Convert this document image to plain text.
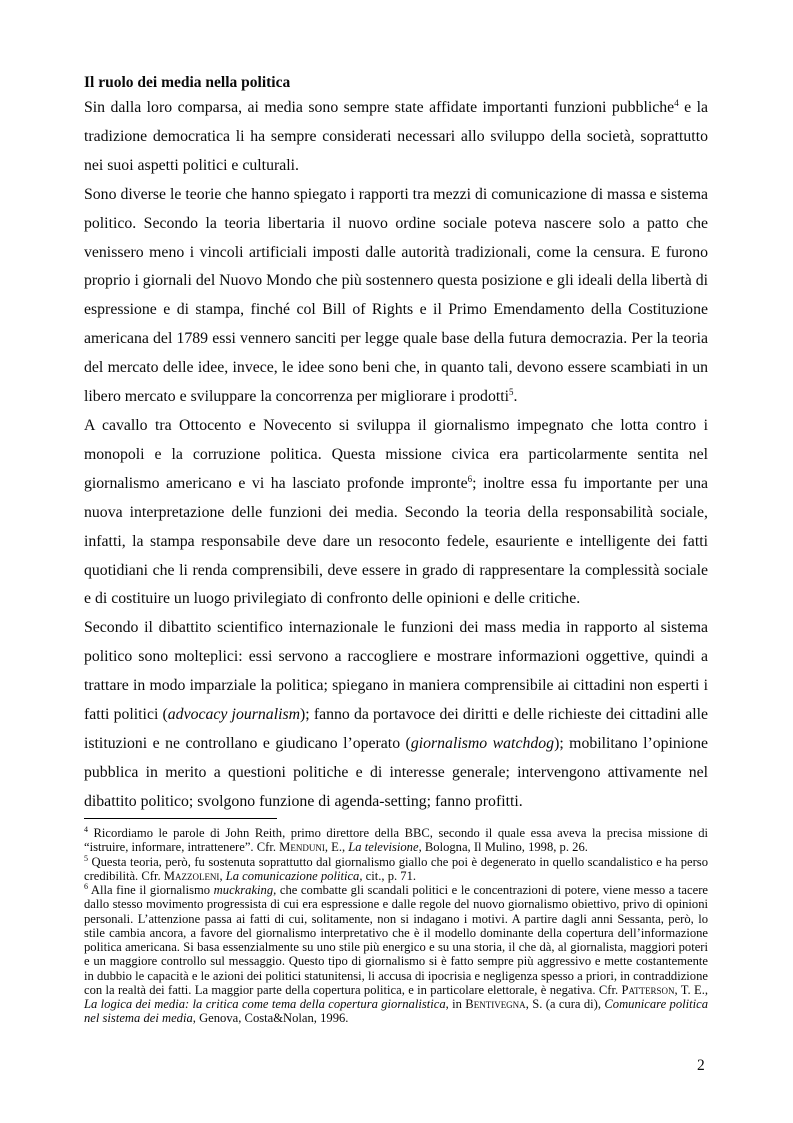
Il ruolo dei media nella politica

Sin dalla loro comparsa, ai media sono sempre state affidate importanti funzioni pubbliche$^4$ e la tradizione democratica li ha sempre considerati necessari allo sviluppo della società, soprattutto nei suoi aspetti politici e culturali.

Sono diverse le teorie che hanno spiegato i rapporti tra mezzi di comunicazione di massa e sistema politico. Secondo la teoria libertaria il nuovo ordine sociale poteva nascere solo a patto che venissero meno i vincoli artificiali imposti dalle autorità tradizionali, come la censura. E furono proprio i giornali del Nuovo Mondo che più sostennero questa posizione e gli ideali della libertà di espressione e di stampa, finché col Bill of Rights e il Primo Emendamento della Costituzione americana del 1789 essi vennero sanciti per legge quale base della futura democrazia. Per la teoria del mercato delle idee, invece, le idee sono beni che, in quanto tali, devono essere scambiati in un libero mercato e sviluppare la concorrenza per migliorare i prodotti$^5$.

A cavallo tra Ottocento e Novecento si sviluppa il giornalismo impegnato che lotta contro i monopoli e la corruzione politica. Questa missione civica era particolarmente sentita nel giornalismo americano e vi ha lasciato profonde impronte$^6$; inoltre essa fu importante per una nuova interpretazione delle funzioni dei media. Secondo la teoria della responsabilità sociale, infatti, la stampa responsabile deve dare un resoconto fedele, esauriente e intelligente dei fatti quotidiani che li renda comprensibili, deve essere in grado di rappresentare la complessità sociale e di costituire un luogo privilegiato di confronto delle opinioni e delle critiche.

Secondo il dibattito scientifico internazionale le funzioni dei mass media in rapporto al sistema politico sono molteplici: essi servono a raccogliere e mostrare informazioni oggettive, quindi a trattare in modo imparziale la politica; spiegano in maniera comprensibile ai cittadini non esperti i fatti politici (advocacy journalism); fanno da portavoce dei diritti e delle richieste dei cittadini alle istituzioni e ne controllano e giudicano l’operato (giornalismo watchdog); mobilitano l’opinione pubblica in merito a questioni politiche e di interesse generale; intervengono attivamente nel dibattito politico; svolgono funzione di agenda-setting; fanno profitti.

$^4$ Ricordiamo le parole di John Reith, primo direttore della BBC, secondo il quale essa aveva la precisa missione di “istruire, informare, intrattenere”. Cfr. Menduni, E., La televisione, Bologna, Il Mulino, 1998, p. 26.

$^5$ Questa teoria, però, fu sostenuta soprattutto dal giornalismo giallo che poi è degenerato in quello scandalistico e ha perso credibilità. Cfr. Mazzoleni, La comunicazione politica, cit., p. 71.

$^6$ Alla fine il giornalismo muckraking, che combatte gli scandali politici e le concentrazioni di potere, viene messo a tacere dallo stesso movimento progressista di cui era espressione e dalle regole del nuovo giornalismo obiettivo, privo di opinioni personali. L’attenzione passa ai fatti di cui, solitamente, non si indagano i motivi. A partire dagli anni Sessanta, però, lo stile cambia ancora, a favore del giornalismo interpretativo che è il modello dominante della copertura dell’informazione politica americana. Si basa essenzialmente su uno stile più energico e su una storia, il che dà, al giornalista, maggiori poteri e un maggiore controllo sul messaggio. Questo tipo di giornalismo si è fatto sempre più aggressivo e mette costantemente in dubbio le capacità e le azioni dei politici statunitensi, li accusa di ipocrisia e negligenza spesso a priori, in contraddizione con la realtà dei fatti. La maggior parte della copertura politica, e in particolare elettorale, è negativa. Cfr. Patterson, T. E., La logica dei media: la critica come tema della copertura giornalistica, in Bentivegna, S. (a cura di), Comunicare politica nel sistema dei media, Genova, Costa&Nolan, 1996.

2
